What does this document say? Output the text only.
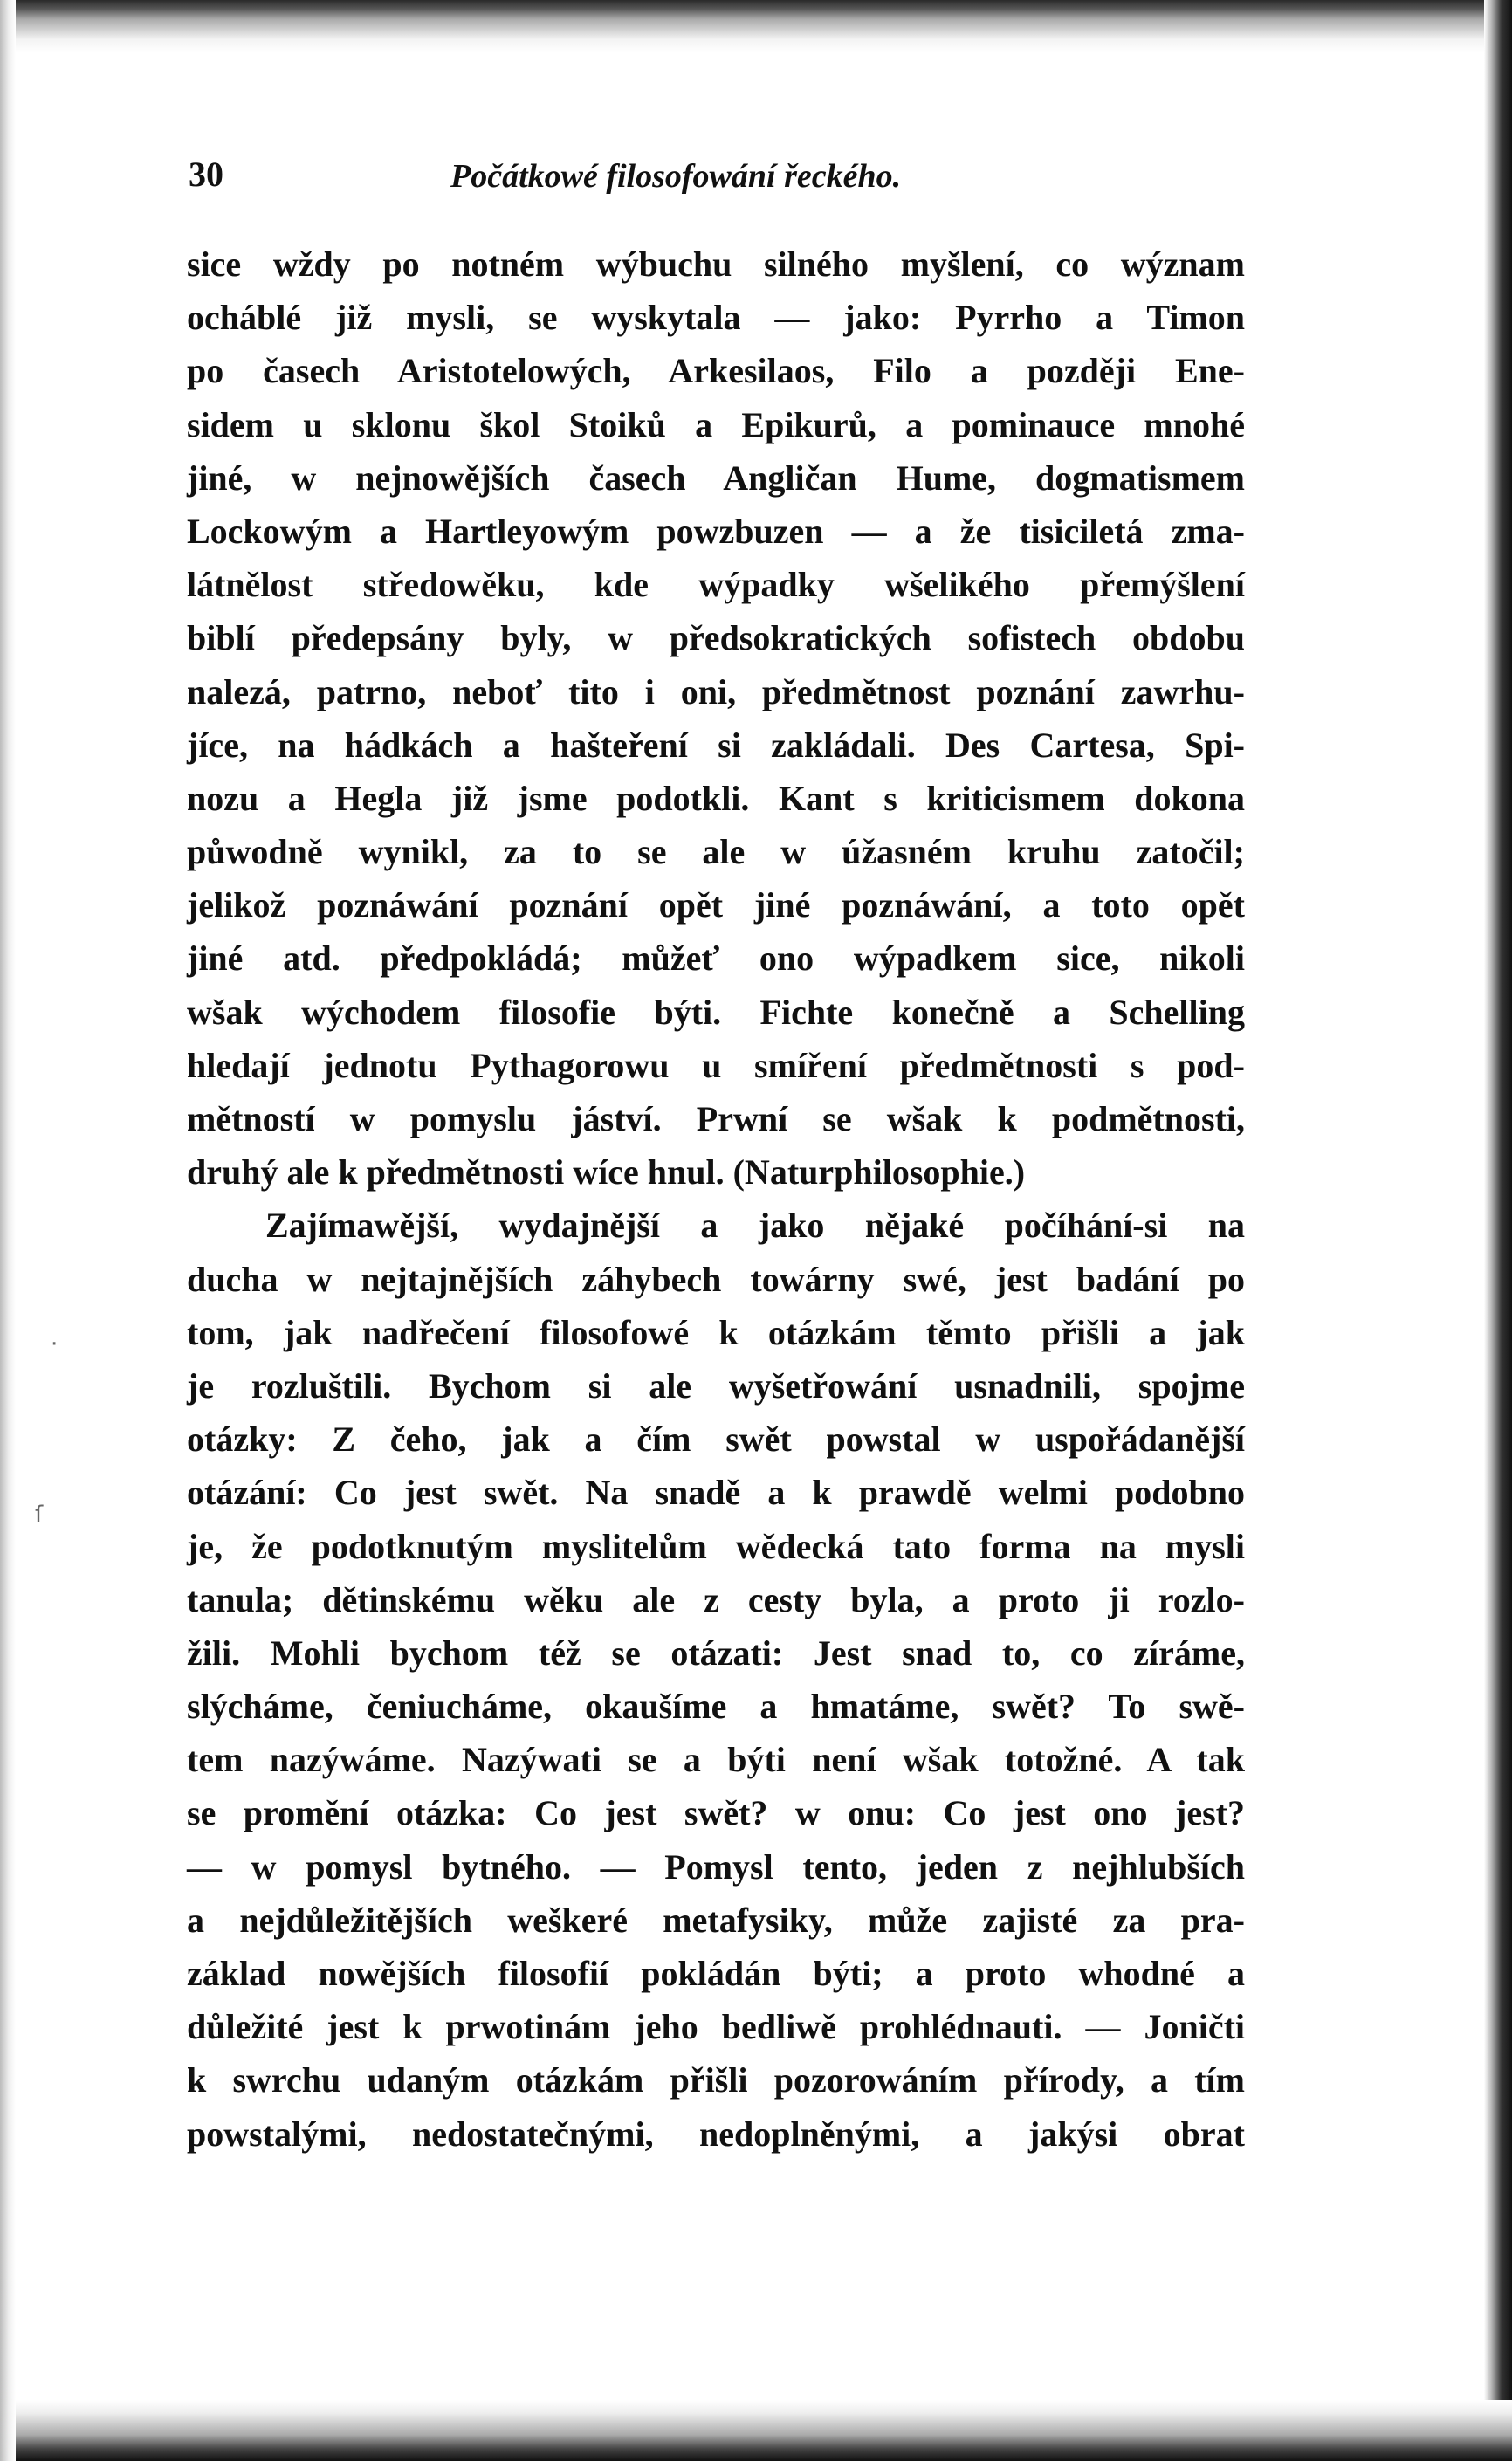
30	Počátkowé filosofowání řeckého.
sice wždy po notném wýbuchu silného myšlení, co wýznam
ocháblé již mysli, se wyskytala — jako: Pyrrho a Timon
po časech Aristotelowých, Arkesilaos, Filo a později Ene-
sidem u sklonu škol Stoiků a Epikurů, a pominauce mnohé
jiné, w nejnowějších časech Angličan Hume, dogmatismem
Lockowým a Hartleyowým powzbuzen — a že tisiciletá zma-
látnělost středowěku, kde wýpadky wšelikého přemýšlení
biblí předepsány byly, w předsokratických sofistech obdobu
nalezá, patrno, neboť tito i oni, předmětnost poznání zawrhu-
jíce, na hádkách a hašteření si zakládali. Des Cartesa, Spi-
nozu a Hegla již jsme podotkli. Kant s kriticismem dokona
půwodně wynikl, za to se ale w úžasném kruhu zatočil;
jelikož poznáwání poznání opět jiné poznáwání, a toto opět
jiné atd. předpokládá; můžeť ono wýpadkem sice, nikoli
wšak wýchodem filosofie býti. Fichte konečně a Schelling
hledají jednotu Pythagorowu u smíření předmětnosti s pod-
mětností w pomyslu jáství. Prwní se wšak k podmětnosti,
druhý ale k předmětnosti wíce hnul. (Naturphilosophie.)
Zajímawější, wydajnější a jako nějaké počíhání-si na
ducha w nejtajnějších záhybech towárny swé, jest badání po
tom, jak nadřečení filosofowé k otázkám těmto přišli a jak
je rozluštili. Bychom si ale wyšetřowání usnadnili, spojme
otázky: Z čeho, jak a čím swět powstal w uspořádanější
otázání: Co jest swět. Na snadě a k prawdě welmi podobno
je, že podotknutým myslitelům wědecká tato forma na mysli
tanula; dětinskému wěku ale z cesty byla, a proto ji rozlo-
žili. Mohli bychom též se otázati: Jest snad to, co zíráme,
slýcháme, čeniucháme, okaušíme a hmatáme, swět? To swě-
tem nazýwáme. Nazýwati se a býti není wšak totožné. A tak
se promění otázka: Co jest swět? w onu: Co jest ono jest?
— w pomysl bytného. — Pomysl tento, jeden z nejhlubších
a nejdůležitějších weškeré metafysiky, může zajisté za pra-
základ nowějších filosofií pokládán býti; a proto whodné a
důležité jest k prwotinám jeho bedliwě prohlédnauti. — Joničti
k swrchu udaným otázkám přišli pozorowáním přírody, a tím
powstalými, nedostatečnými, nedoplněnými, a jakýsi obrat
·
ſ
